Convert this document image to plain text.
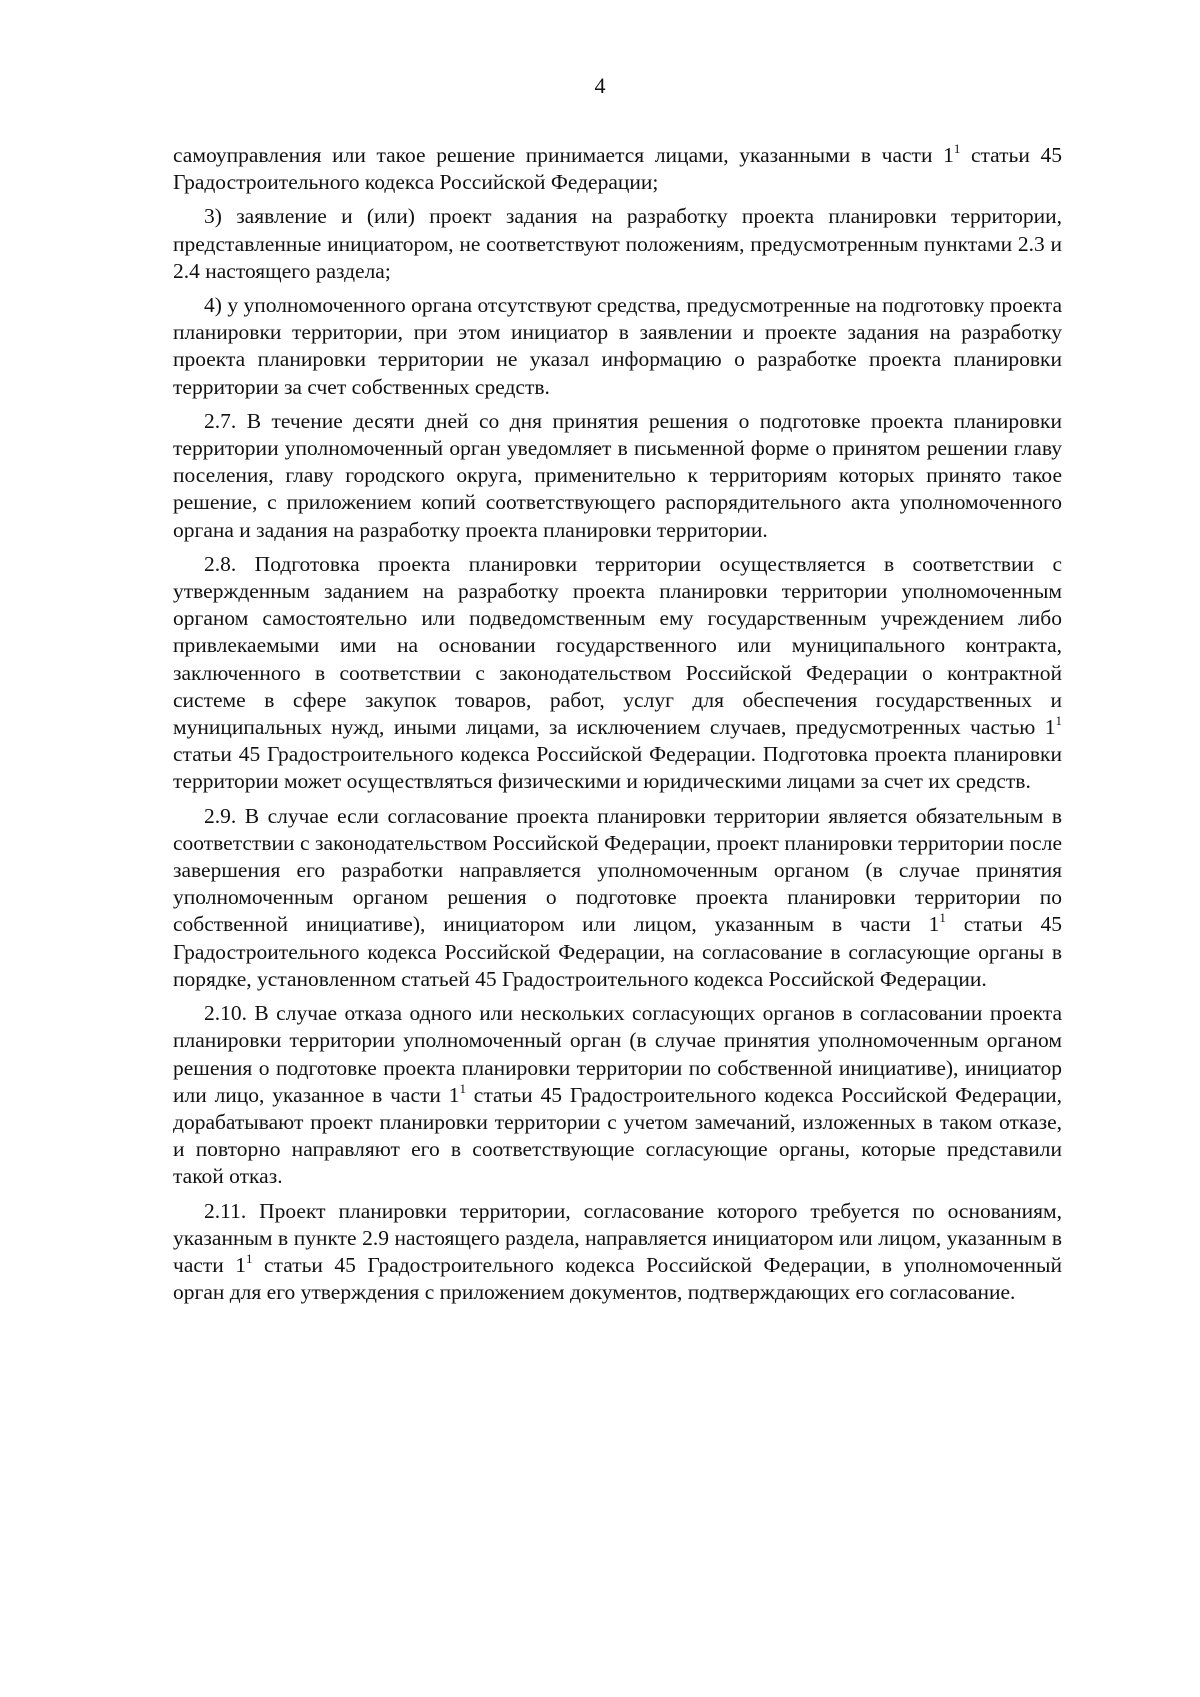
4

самоуправления или такое решение принимается лицами, указанными в части $1^1$ статьи 45 Градостроительного кодекса Российской Федерации;

3) заявление и (или) проект задания на разработку проекта планировки территории, представленные инициатором, не соответствуют положениям, предусмотренным пунктами 2.3 и 2.4 настоящего раздела;

4) у уполномоченного органа отсутствуют средства, предусмотренные на подготовку проекта планировки территории, при этом инициатор в заявлении и проекте задания на разработку проекта планировки территории не указал информацию о разработке проекта планировки территории за счет собственных средств.

2.7. В течение десяти дней со дня принятия решения о подготовке проекта планировки территории уполномоченный орган уведомляет в письменной форме о принятом решении главу поселения, главу городского округа, применительно к территориям которых принято такое решение, с приложением копий соответствующего распорядительного акта уполномоченного органа и задания на разработку проекта планировки территории.

2.8. Подготовка проекта планировки территории осуществляется в соответствии с утвержденным заданием на разработку проекта планировки территории уполномоченным органом самостоятельно или подведомственным ему государственным учреждением либо привлекаемыми ими на основании государственного или муниципального контракта, заключенного в соответствии с законодательством Российской Федерации о контрактной системе в сфере закупок товаров, работ, услуг для обеспечения государственных и муниципальных нужд, иными лицами, за исключением случаев, предусмотренных частью $1^1$ статьи 45 Градостроительного кодекса Российской Федерации. Подготовка проекта планировки территории может осуществляться физическими и юридическими лицами за счет их средств.

2.9. В случае если согласование проекта планировки территории является обязательным в соответствии с законодательством Российской Федерации, проект планировки территории после завершения его разработки направляется уполномоченным органом (в случае принятия уполномоченным органом решения о подготовке проекта планировки территории по собственной инициативе), инициатором или лицом, указанным в части $1^1$ статьи 45 Градостроительного кодекса Российской Федерации, на согласование в согласующие органы в порядке, установленном статьей 45 Градостроительного кодекса Российской Федерации.

2.10. В случае отказа одного или нескольких согласующих органов в согласовании проекта планировки территории уполномоченный орган (в случае принятия уполномоченным органом решения о подготовке проекта планировки территории по собственной инициативе), инициатор или лицо, указанное в части $1^1$ статьи 45 Градостроительного кодекса Российской Федерации, дорабатывают проект планировки территории с учетом замечаний, изложенных в таком отказе, и повторно направляют его в соответствующие согласующие органы, которые представили такой отказ.

2.11. Проект планировки территории, согласование которого требуется по основаниям, указанным в пункте 2.9 настоящего раздела, направляется инициатором или лицом, указанным в части $1^1$ статьи 45 Градостроительного кодекса Российской Федерации, в уполномоченный орган для его утверждения с приложением документов, подтверждающих его согласование.
